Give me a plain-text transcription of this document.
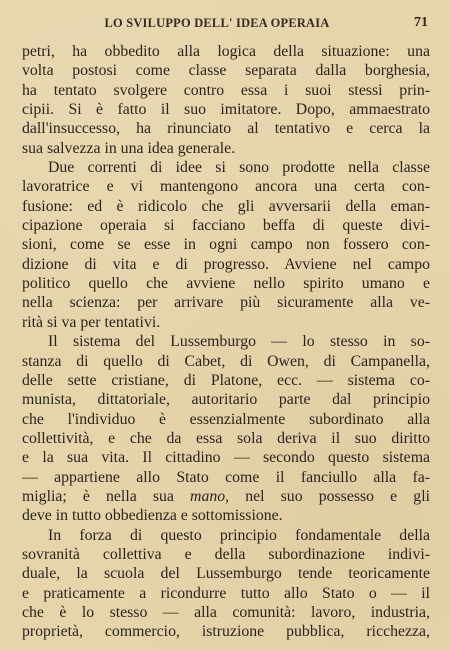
LO SVILUPPO DELL' IDEA OPERAIA	71
petri, ha obbedito alla logica della situazione: una
volta postosi come classe separata dalla borghesia,
ha tentato svolgere contro essa i suoi stessi prin-
cipii. Si è fatto il suo imitatore. Dopo, ammaestrato
dall'insuccesso, ha rinunciato al tentativo e cerca la
sua salvezza in una idea generale.
Due correnti di idee si sono prodotte nella classe
lavoratrice e vi mantengono ancora una certa con-
fusione: ed è ridicolo che gli avversarii della eman-
cipazione operaia si facciano beffa di queste divi-
sioni, come se esse in ogni campo non fossero con-
dizione di vita e di progresso. Avviene nel campo
politico quello che avviene nello spirito umano e
nella scienza: per arrivare più sicuramente alla ve-
rità si va per tentativi.
Il sistema del Lussemburgo — lo stesso in so-
stanza di quello di Cabet, di Owen, di Campanella,
delle sette cristiane, di Platone, ecc. — sistema co-
munista, dittatoriale, autoritario parte dal principio
che l'individuo è essenzialmente subordinato alla
collettività, e che da essa sola deriva il suo diritto
e la sua vita. Il cittadino — secondo questo sistema
— appartiene allo Stato come il fanciullo alla fa-
miglia; è nella sua mano, nel suo possesso e gli
deve in tutto obbedienza e sottomissione.
In forza di questo principio fondamentale della
sovranità collettiva e della subordinazione indivi-
duale, la scuola del Lussemburgo tende teoricamente
e praticamente a ricondurre tutto allo Stato o — il
che è lo stesso — alla comunità: lavoro, industria,
proprietà, commercio, istruzione pubblica, ricchezza,
